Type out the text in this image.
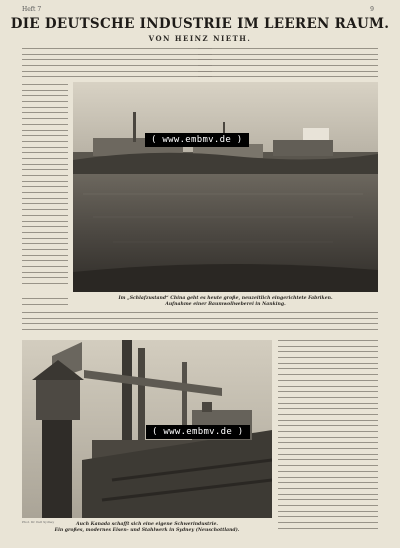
Heft 7	9
DIE DEUTSCHE INDUSTRIE IM LEEREN RAUM.
VON HEINZ NIETH.
( www.embmv.de )
Im „Schlafzustand“ China geht es heute große, neuzeitlich eingerichtete Fabriken.
Aufnahme einer Baumwollweberei in Nanking.
( www.embmv.de )
Phot. Dr. Pelt Sydney	Auch Kanada schafft sich eine eigene Schwerindustrie.
Ein großes, modernes Eisen- und Stahlwerk in Sydney (Neuschottland).
